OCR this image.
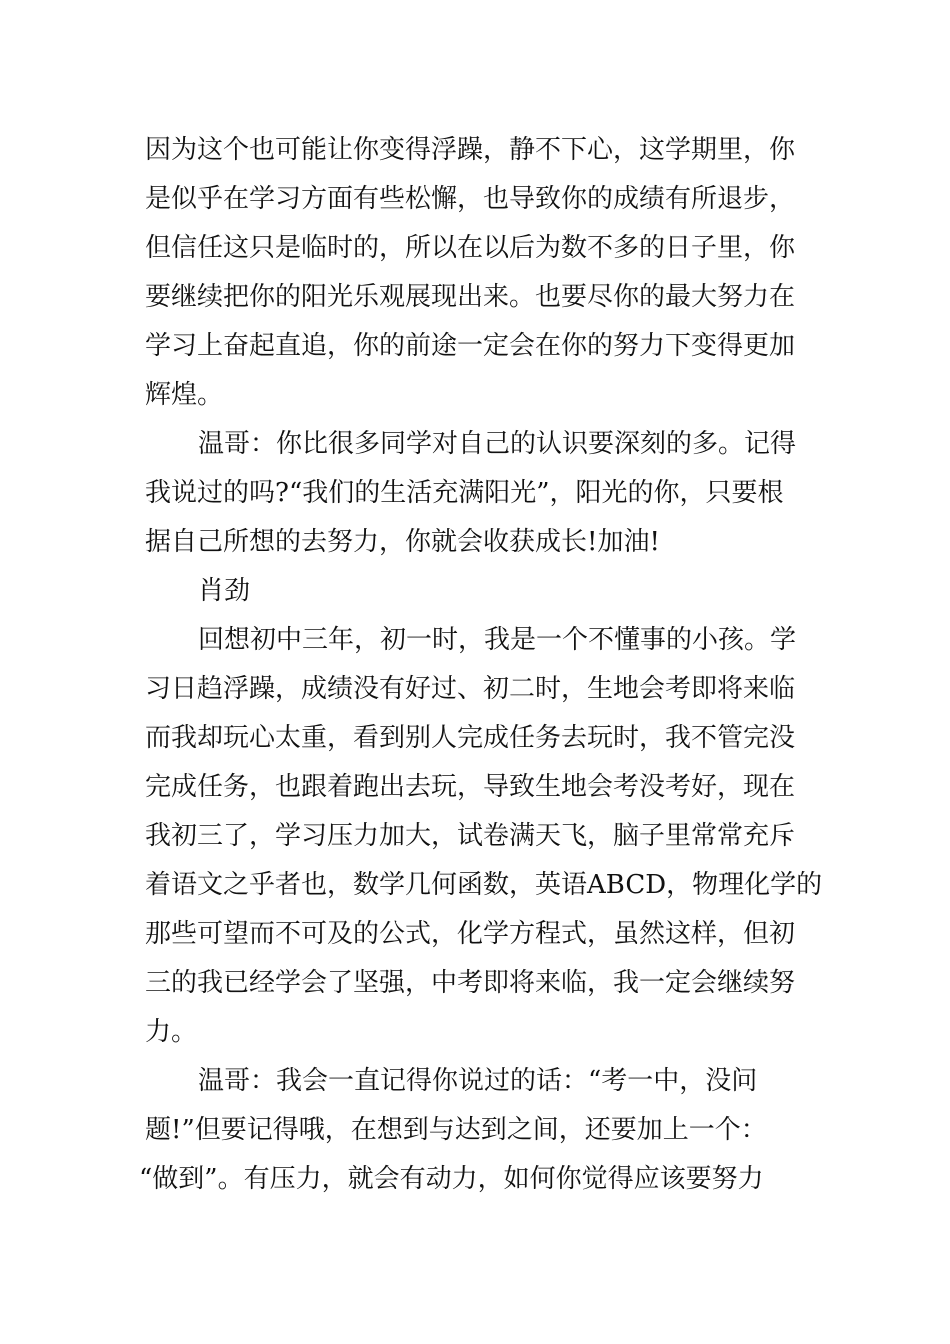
因为这个也可能让你变得浮躁，静不下心，这学期里，你
是似乎在学习方面有些松懈，也导致你的成绩有所退步，
但信任这只是临时的，所以在以后为数不多的日子里，你
要继续把你的阳光乐观展现出来。也要尽你的最大努力在
学习上奋起直追，你的前途一定会在你的努力下变得更加
辉煌。
温哥：你比很多同学对自己的认识要深刻的多。记得
我说过的吗?“我们的生活充满阳光”，阳光的你，只要根
据自己所想的去努力，你就会收获成长!加油!
肖劲
回想初中三年，初一时，我是一个不懂事的小孩。学
习日趋浮躁，成绩没有好过、初二时，生地会考即将来临
而我却玩心太重，看到别人完成任务去玩时，我不管完没
完成任务，也跟着跑出去玩，导致生地会考没考好，现在
我初三了，学习压力加大，试卷满天飞，脑子里常常充斥
着语文之乎者也，数学几何函数，英语ABCD，物理化学的
那些可望而不可及的公式，化学方程式，虽然这样，但初
三的我已经学会了坚强，中考即将来临，我一定会继续努
力。
温哥：我会一直记得你说过的话：“考一中，没问
题!”但要记得哦，在想到与达到之间，还要加上一个：
“做到”。有压力，就会有动力，如何你觉得应该要努力
